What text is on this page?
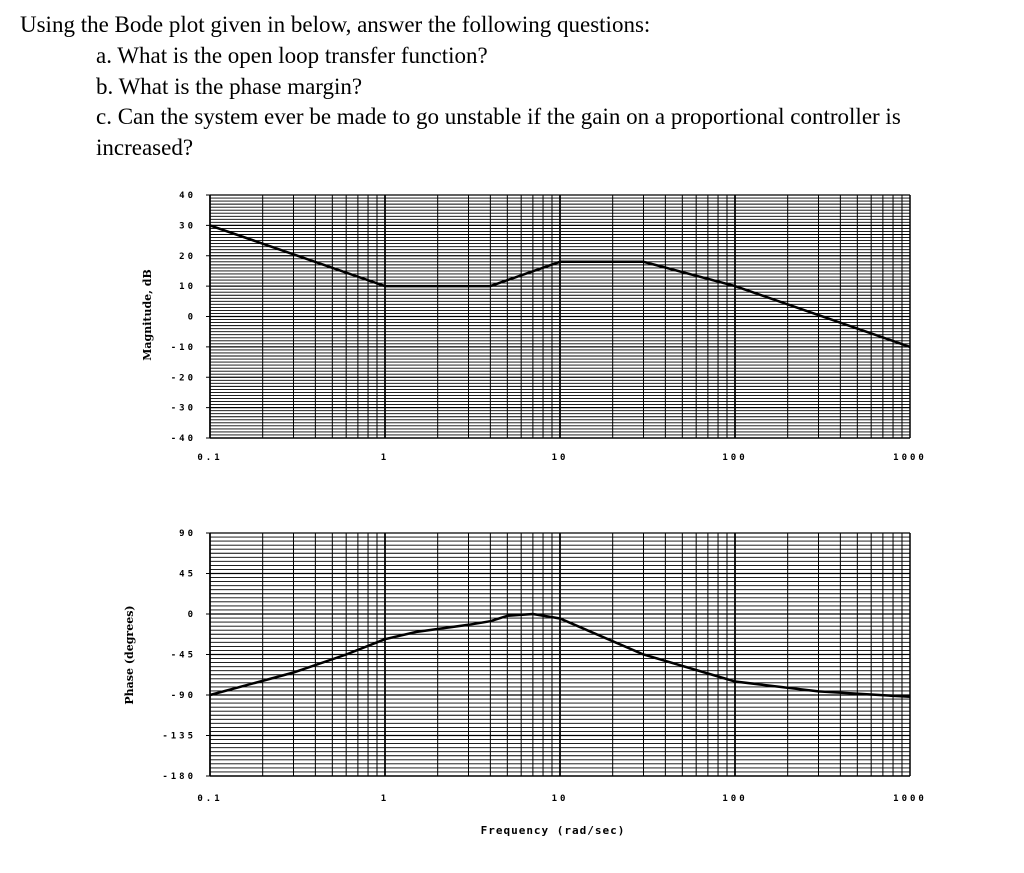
Using the Bode plot given in below, answer the following questions:
a. What is the open loop transfer function?
b. What is the phase margin?
c. Can the system ever be made to go unstable if the gain on a proportional controller is
increased?
40
30
20
10
0
-10
-20
-30
-40
0.1	1	10	100	1000
Magnitude, dB
90
45
0
-45
-90
-135
-180
0.1	1	10	100	1000
Phase (degrees)
Frequency (rad/sec)
